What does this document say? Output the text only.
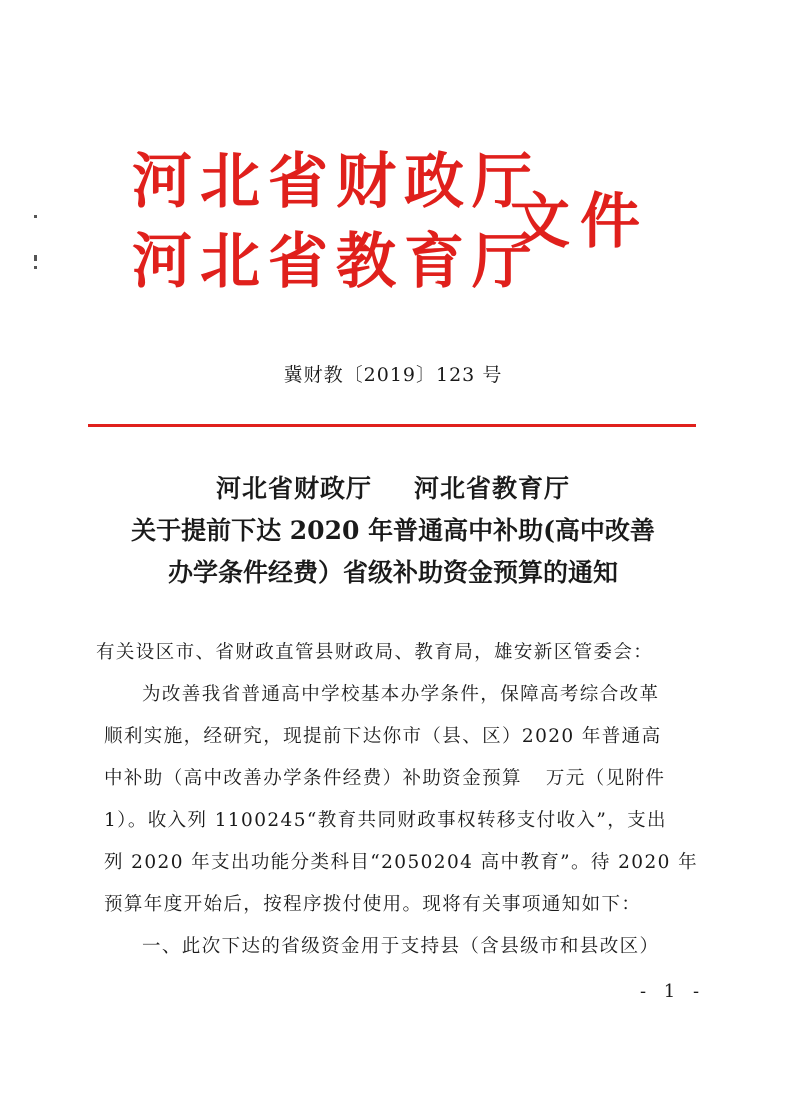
河北省财政厅
河北省教育厅
文件
冀财教〔2019〕123 号
河北省财政厅 河北省教育厅
关于提前下达 2020 年普通高中补助(高中改善
办学条件经费）省级补助资金预算的通知
有关设区市、省财政直管县财政局、教育局，雄安新区管委会：
为改善我省普通高中学校基本办学条件，保障高考综合改革
顺利实施，经研究，现提前下达你市（县、区）2020 年普通高
中补助（高中改善办学条件经费）补助资金预算 万元（见附件
1）。收入列 1100245“教育共同财政事权转移支付收入”，支出
列 2020 年支出功能分类科目“2050204 高中教育”。待 2020 年
预算年度开始后，按程序拨付使用。现将有关事项通知如下：
一、此次下达的省级资金用于支持县（含县级市和县改区）
- 1 -
